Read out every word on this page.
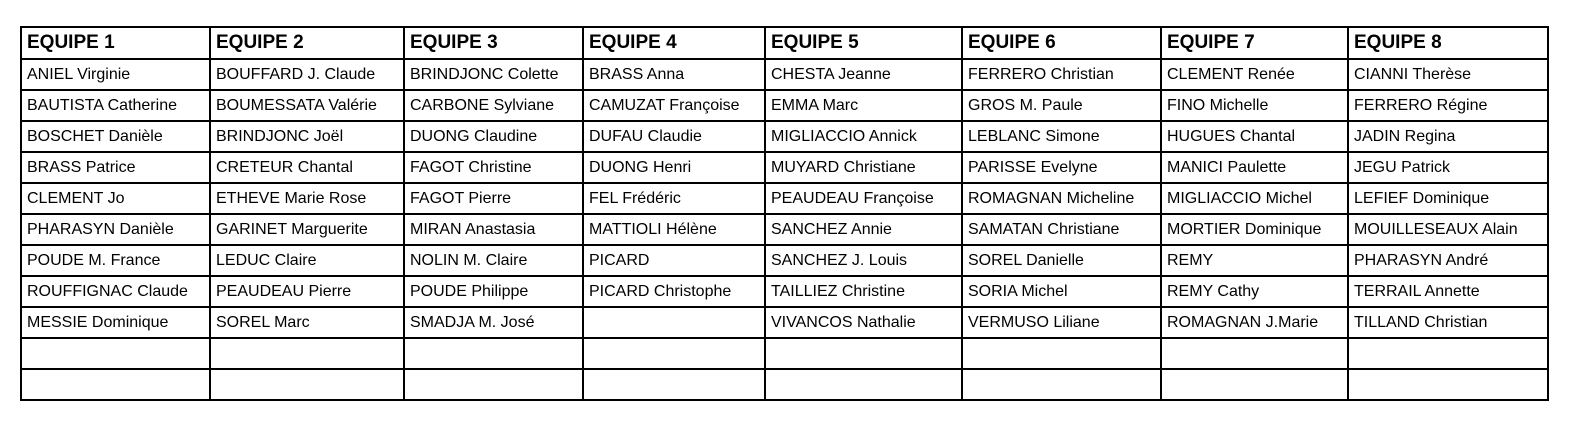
EQUIPE 1	EQUIPE 2	EQUIPE 3	EQUIPE 4	EQUIPE 5	EQUIPE 6	EQUIPE 7	EQUIPE 8
ANIEL Virginie	BOUFFARD J. Claude	BRINDJONC Colette	BRASS Anna	CHESTA Jeanne	FERRERO Christian	CLEMENT Renée	CIANNI Therèse
BAUTISTA Catherine	BOUMESSATA Valérie	CARBONE Sylviane	CAMUZAT Françoise	EMMA Marc	GROS M. Paule	FINO Michelle	FERRERO Régine
BOSCHET Danièle	BRINDJONC Joël	DUONG Claudine	DUFAU Claudie	MIGLIACCIO Annick	LEBLANC Simone	HUGUES Chantal	JADIN Regina
BRASS Patrice	CRETEUR Chantal	FAGOT Christine	DUONG Henri	MUYARD Christiane	PARISSE Evelyne	MANICI Paulette	JEGU Patrick
CLEMENT Jo	ETHEVE Marie Rose	FAGOT Pierre	FEL Frédéric	PEAUDEAU Françoise	ROMAGNAN Micheline	MIGLIACCIO Michel	LEFIEF Dominique
PHARASYN Danièle	GARINET Marguerite	MIRAN Anastasia	MATTIOLI Hélène	SANCHEZ Annie	SAMATAN Christiane	MORTIER Dominique	MOUILLESEAUX Alain
POUDE M. France	LEDUC Claire	NOLIN M. Claire	PICARD	SANCHEZ J. Louis	SOREL Danielle	REMY	PHARASYN André
ROUFFIGNAC Claude	PEAUDEAU Pierre	POUDE Philippe	PICARD Christophe	TAILLIEZ Christine	SORIA Michel	REMY Cathy	TERRAIL Annette
MESSIE Dominique	SOREL Marc	SMADJA M. José		VIVANCOS Nathalie	VERMUSO Liliane	ROMAGNAN J.Marie	TILLAND Christian
